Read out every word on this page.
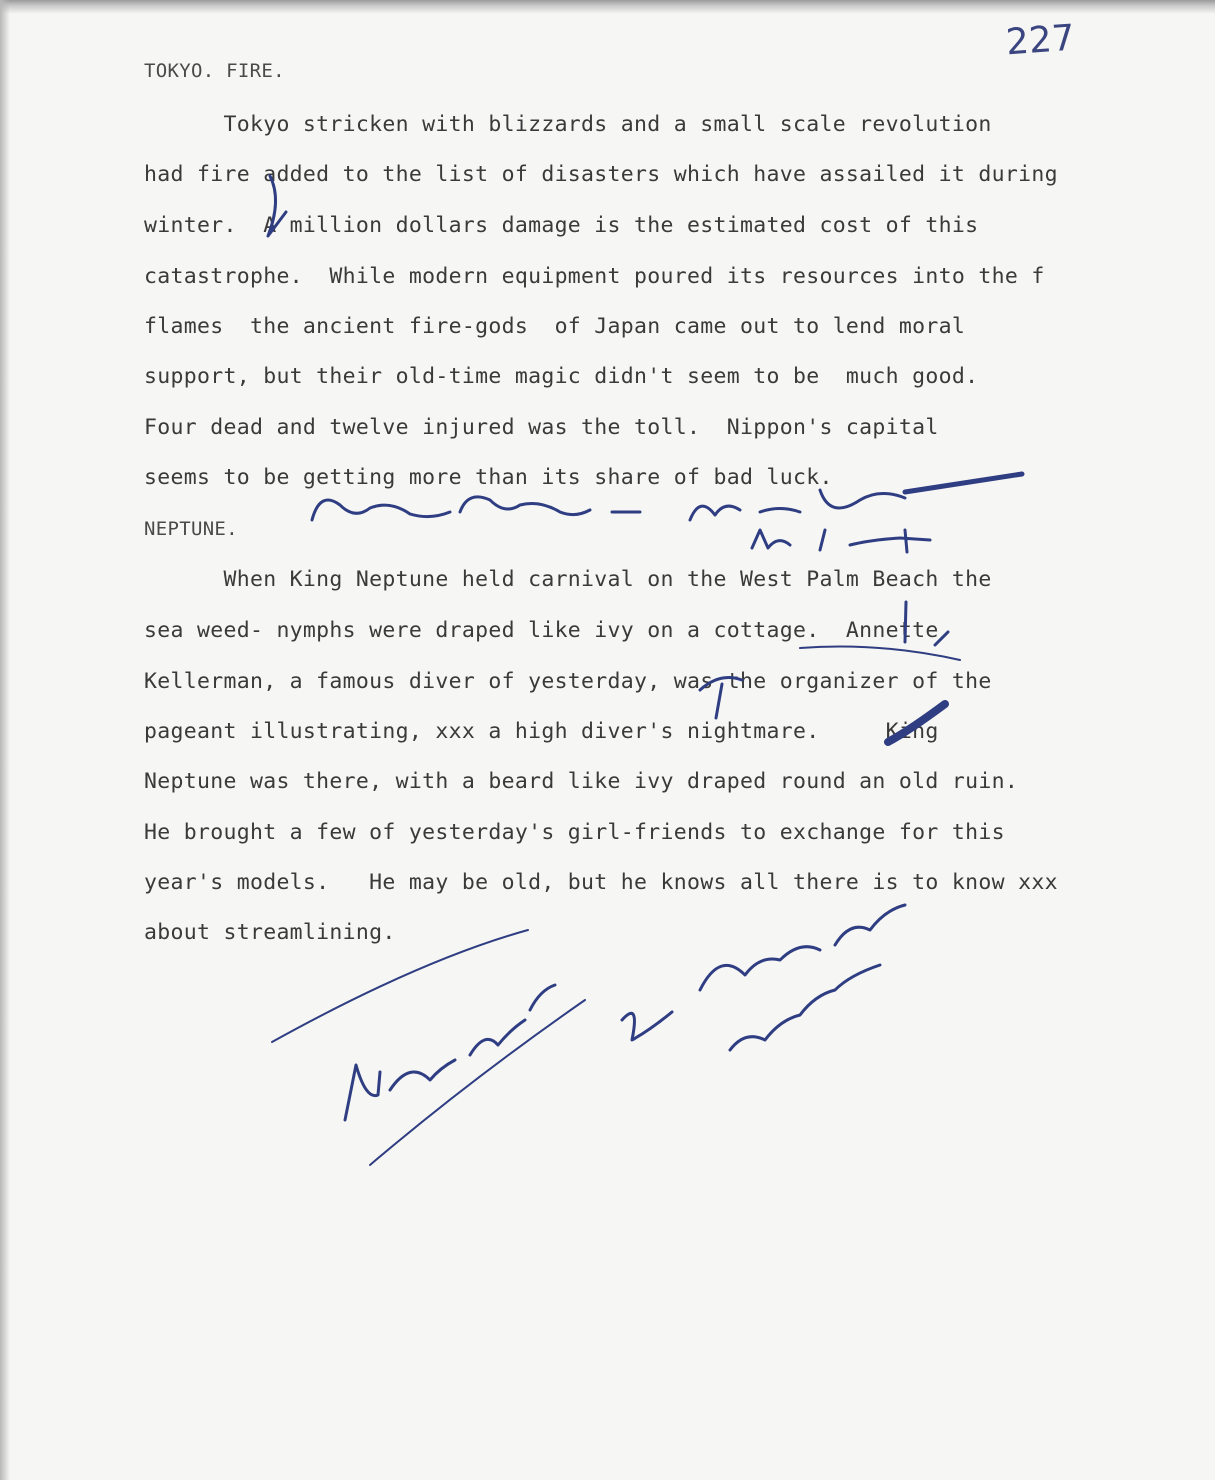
227
TOKYO. FIRE.
Tokyo stricken with blizzards and a small scale revolution
had fire added to the list of disasters which have assailed it during
winter.  A million dollars damage is the estimated cost of this
catastrophe.  While modern equipment poured its resources into the f
flames  the ancient fire-gods  of Japan came out to lend moral
support, but their old-time magic didn't seem to be  much good.
Four dead and twelve injured was the toll.  Nippon's capital
seems to be getting more than its share of bad luck.
NEPTUNE.
When King Neptune held carnival on the West Palm Beach the
sea weed- nymphs were draped like ivy on a cottage.  Annette
Kellerman, a famous diver of yesterday, was the organizer of the
pageant illustrating, xxx a high diver's nightmare.     King
Neptune was there, with a beard like ivy draped round an old ruin.
He brought a few of yesterday's girl-friends to exchange for this
year's models.   He may be old, but he knows all there is to know xxx
about streamlining.
